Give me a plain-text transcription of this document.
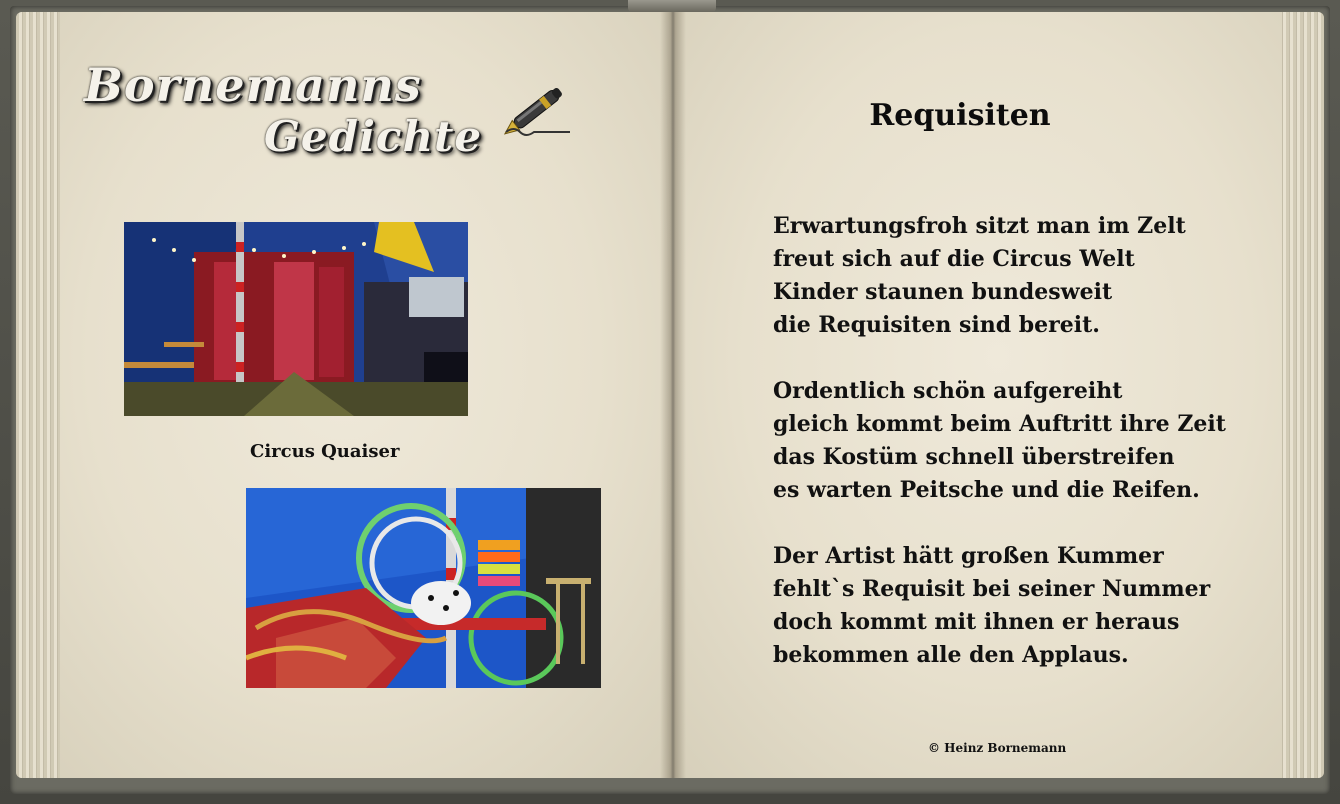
Bornemanns
Gedichte
Circus Quaiser
Requisiten
Erwartungsfroh sitzt man im Zelt
freut sich auf die Circus Welt
Kinder staunen bundesweit
die Requisiten sind bereit.
Ordentlich schön aufgereiht
gleich kommt beim Auftritt ihre Zeit
das Kostüm schnell überstreifen
es warten Peitsche und die Reifen.
Der Artist hätt großen Kummer
fehlt`s Requisit bei seiner Nummer
doch kommt mit ihnen er heraus
bekommen alle den Applaus.
© Heinz Bornemann
